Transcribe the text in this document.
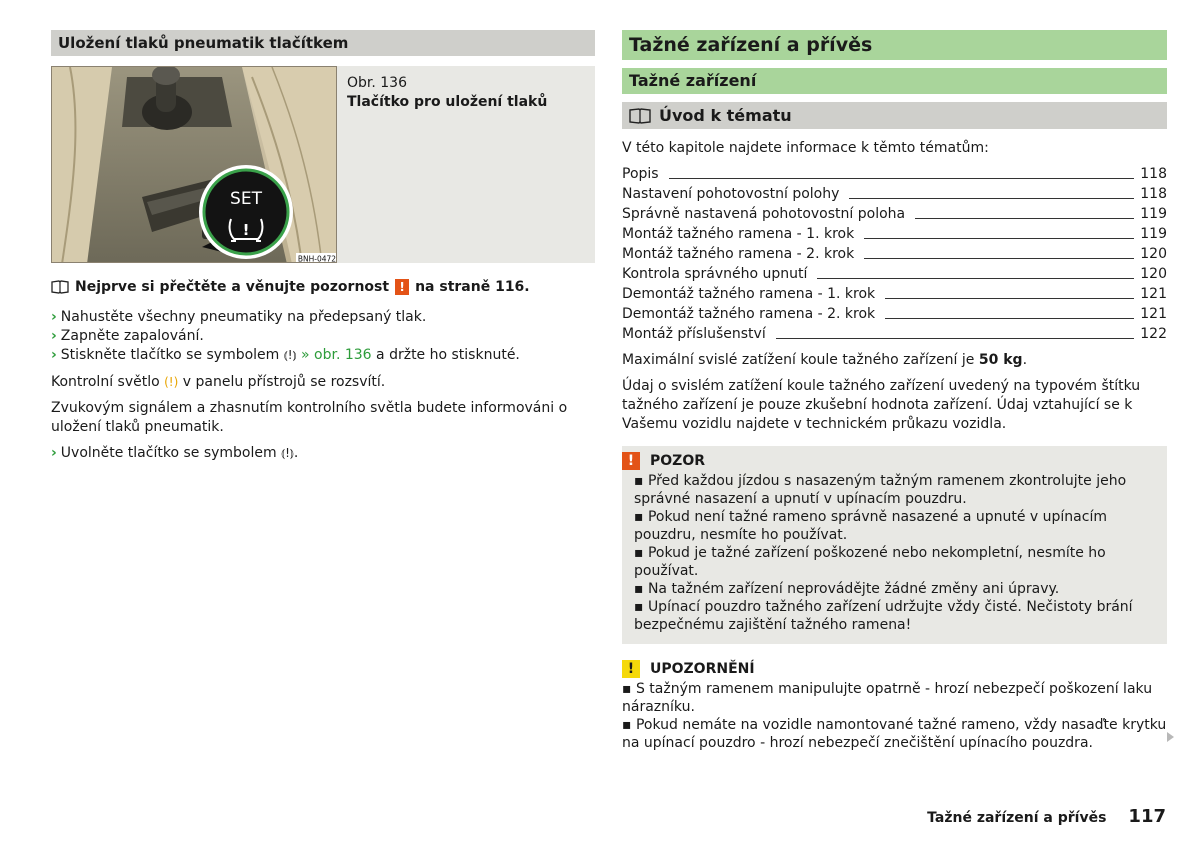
Uložení tlaků pneumatik tlačítkem
SET
!
BNH-0472

Obr. 136

Tlačítko pro uložení tlaků

Nejprve si přečtěte a věnujte pozornost ! na straně 116.

› Nahustěte všechny pneumatiky na předepsaný tlak.

› Zapněte zapalování.

› Stiskněte tlačítko se symbolem ⦅!⦆ » obr. 136 a držte ho stisknuté.

Kontrolní světlo (!) v panelu přístrojů se rozsvítí.

Zvukovým signálem a zhasnutím kontrolního světla budete informováni o uložení tlaků pneumatik.

› Uvolněte tlačítko se symbolem ⦅!⦆.

Tažné zařízení a přívěs
Tažné zařízení
Úvod k tématu

V této kapitole najdete informace k těmto tématům:

Popis	118
Nastavení pohotovostní polohy	118
Správně nastavená pohotovostní poloha	119
Montáž tažného ramena - 1. krok	119
Montáž tažného ramena - 2. krok	120
Kontrola správného upnutí	120
Demontáž tažného ramena - 1. krok	121
Demontáž tažného ramena - 2. krok	121
Montáž příslušenství	122

Maximální svislé zatížení koule tažného zařízení je 50 kg.

Údaj o svislém zatížení koule tažného zařízení uvedený na typovém štítku tažného zařízení je pouze zkušební hodnota zařízení. Údaj vztahující se k Vašemu vozidlu najdete v technickém průkazu vozidla.

!	POZOR

▪ Před každou jízdou s nasazeným tažným ramenem zkontrolujte jeho správné nasazení a upnutí v upínacím pouzdru.

▪ Pokud není tažné rameno správně nasazené a upnuté v upínacím pouzdru, nesmíte ho používat.

▪ Pokud je tažné zařízení poškozené nebo nekompletní, nesmíte ho používat.

▪ Na tažném zařízení neprovádějte žádné změny ani úpravy.

▪ Upínací pouzdro tažného zařízení udržujte vždy čisté. Nečistoty brání bezpečnému zajištění tažného ramena!

!	UPOZORNĚNÍ

▪ S tažným ramenem manipulujte opatrně - hrozí nebezpečí poškození laku nárazníku.

▪ Pokud nemáte na vozidle namontované tažné rameno, vždy nasaďte krytku na upínací pouzdro - hrozí nebezpečí znečištění upínacího pouzdra.

Tažné zařízení a přívěs 117
